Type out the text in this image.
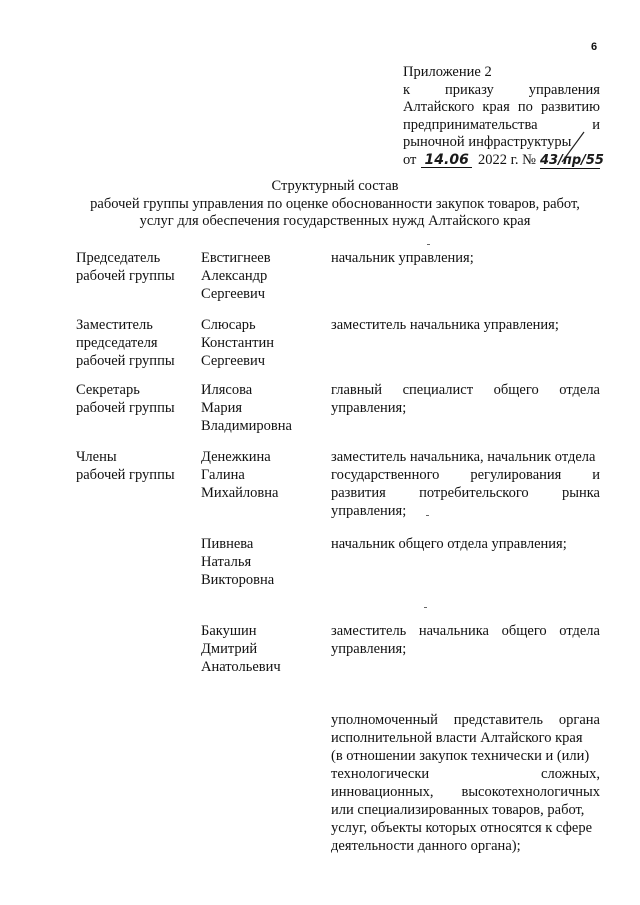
6
Приложение 2
к приказу управления
Алтайского края по развитию
предпринимательства	и
рыночной инфраструктуры
от 14.06 2022 г. № 43/пр/55
Структурный состав
рабочей группы управления по оценке обоснованности закупок товаров, работ,
услуг для обеспечения государственных нужд Алтайского края
Председатель
рабочей группы
Евстигнеев
Александр
Сергеевич
начальник управления;
Заместитель
председателя
рабочей группы
Слюсарь
Константин
Сергеевич
заместитель начальника управления;
Секретарь
рабочей группы
Илясова
Мария
Владимировна
главный специалист общего отдела
управления;
Члены
рабочей группы
Денежкина
Галина
Михайловна
заместитель начальника, начальник отдела
государственного регулирования и
развития потребительского рынка
управления;
Пивнева
Наталья
Викторовна
начальник общего отдела управления;
Бакушин
Дмитрий
Анатольевич
заместитель начальника общего отдела
управления;
уполномоченный представитель органа
исполнительной власти Алтайского края
(в отношении закупок технически и (или)
технологически	сложных,
инновационных, высокотехнологичных
или специализированных товаров, работ,
услуг, объекты которых относятся к сфере
деятельности данного органа);
